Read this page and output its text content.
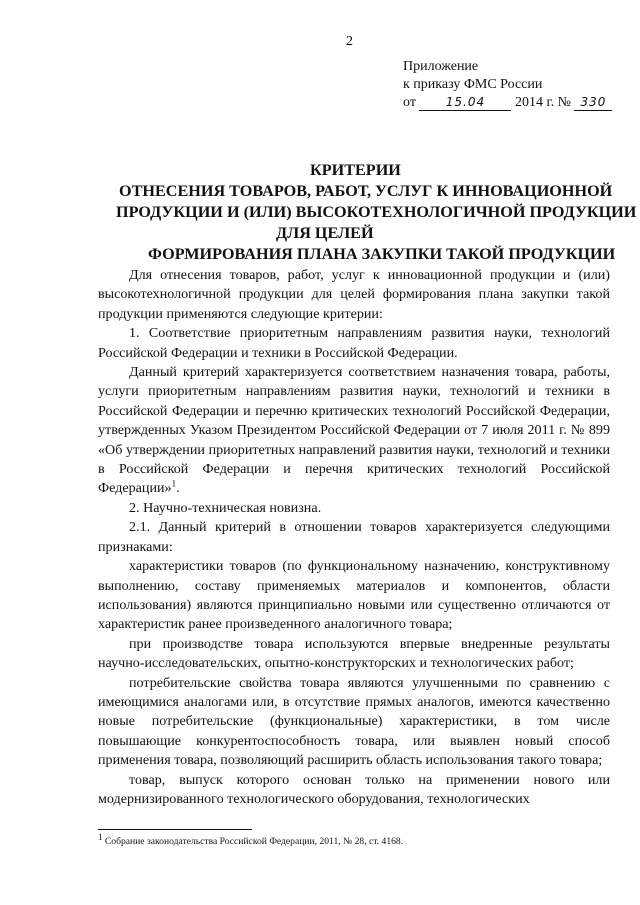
2
Приложение
к приказу ФМС России
от 15.04 2014 г. № 330
КРИТЕРИИ
ОТНЕСЕНИЯ ТОВАРОВ, РАБОТ, УСЛУГ К ИННОВАЦИОННОЙ
ПРОДУКЦИИ И (ИЛИ) ВЫСОКОТЕХНОЛОГИЧНОЙ ПРОДУКЦИИ
ДЛЯ ЦЕЛЕЙ
ФОРМИРОВАНИЯ ПЛАНА ЗАКУПКИ ТАКОЙ ПРОДУКЦИИ

Для отнесения товаров, работ, услуг к инновационной продукции и (или) высокотехнологичной продукции для целей формирования плана закупки такой продукции применяются следующие критерии:

1. Соответствие приоритетным направлениям развития науки, технологий Российской Федерации и техники в Российской Федерации.

Данный критерий характеризуется соответствием назначения товара, работы, услуги приоритетным направлениям развития науки, технологий и техники в Российской Федерации и перечню критических технологий Российской Федерации, утвержденных Указом Президентом Российской Федерации от 7 июля 2011 г. № 899 «Об утверждении приоритетных направлений развития науки, технологий и техники в Российской Федерации и перечня критических технологий Российской Федерации»$^1$.

2. Научно-техническая новизна.

2.1. Данный критерий в отношении товаров характеризуется следующими признаками:

характеристики товаров (по функциональному назначению, конструктивному выполнению, составу применяемых материалов и компонентов, области использования) являются принципиально новыми или существенно отличаются от характеристик ранее произведенного аналогичного товара;

при производстве товара используются впервые внедренные результаты научно-исследовательских, опытно-конструкторских и технологических работ;

потребительские свойства товара являются улучшенными по сравнению с имеющимися аналогами или, в отсутствие прямых аналогов, имеются качественно новые потребительские (функциональные) характеристики, в том числе повышающие конкурентоспособность товара, или выявлен новый способ применения товара, позволяющий расширить область использования такого товара;

товар, выпуск которого основан только на применении нового или модернизированного технологического оборудования, технологических

$^1$ Собрание законодательства Российской Федерации, 2011, № 28, ст. 4168.
